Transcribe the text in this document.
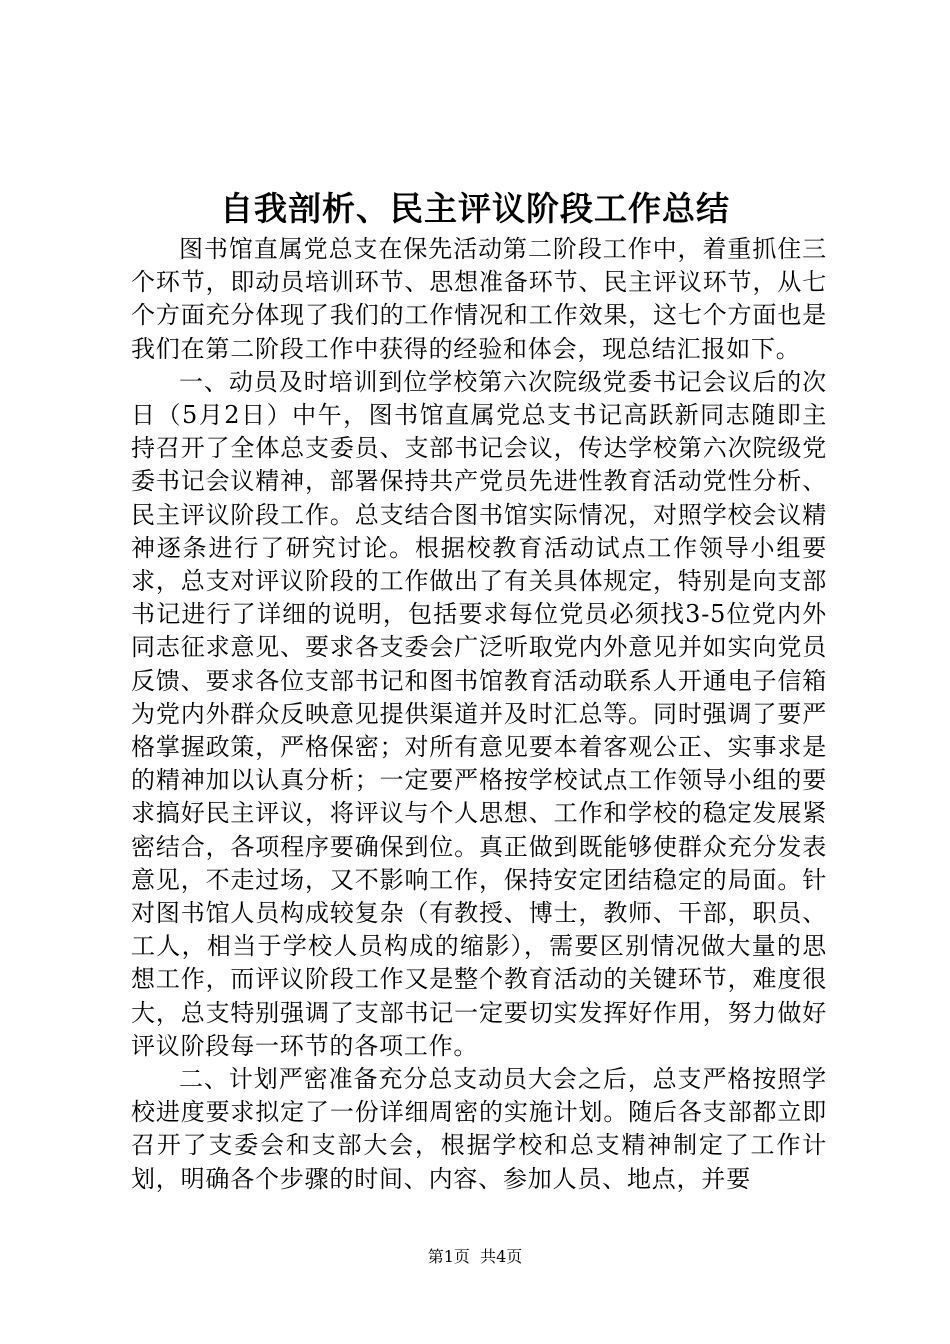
自我剖析、民主评议阶段工作总结

图书馆直属党总支在保先活动第二阶段工作中，着重抓住三个环节，即动员培训环节、思想准备环节、民主评议环节，从七个方面充分体现了我们的工作情况和工作效果，这七个方面也是我们在第二阶段工作中获得的经验和体会，现总结汇报如下。

一、动员及时培训到位学校第六次院级党委书记会议后的次日（5月2日）中午，图书馆直属党总支书记高跃新同志随即主持召开了全体总支委员、支部书记会议，传达学校第六次院级党委书记会议精神，部署保持共产党员先进性教育活动党性分析、民主评议阶段工作。总支结合图书馆实际情况，对照学校会议精神逐条进行了研究讨论。根据校教育活动试点工作领导小组要求，总支对评议阶段的工作做出了有关具体规定，特别是向支部书记进行了详细的说明，包括要求每位党员必须找3-5位党内外同志征求意见、要求各支委会广泛听取党内外意见并如实向党员反馈、要求各位支部书记和图书馆教育活动联系人开通电子信箱为党内外群众反映意见提供渠道并及时汇总等。同时强调了要严格掌握政策，严格保密；对所有意见要本着客观公正、实事求是的精神加以认真分析；一定要严格按学校试点工作领导小组的要求搞好民主评议，将评议与个人思想、工作和学校的稳定发展紧密结合，各项程序要确保到位。真正做到既能够使群众充分发表意见，不走过场，又不影响工作，保持安定团结稳定的局面。针对图书馆人员构成较复杂（有教授、博士，教师、干部，职员、工人，相当于学校人员构成的缩影），需要区别情况做大量的思想工作，而评议阶段工作又是整个教育活动的关键环节，难度很大，总支特别强调了支部书记一定要切实发挥好作用，努力做好评议阶段每一环节的各项工作。

二、计划严密准备充分总支动员大会之后，总支严格按照学校进度要求拟定了一份详细周密的实施计划。随后各支部都立即召开了支委会和支部大会，根据学校和总支精神制定了工作计划，明确各个步骤的时间、内容、参加人员、地点，并要

第1页  共4页
